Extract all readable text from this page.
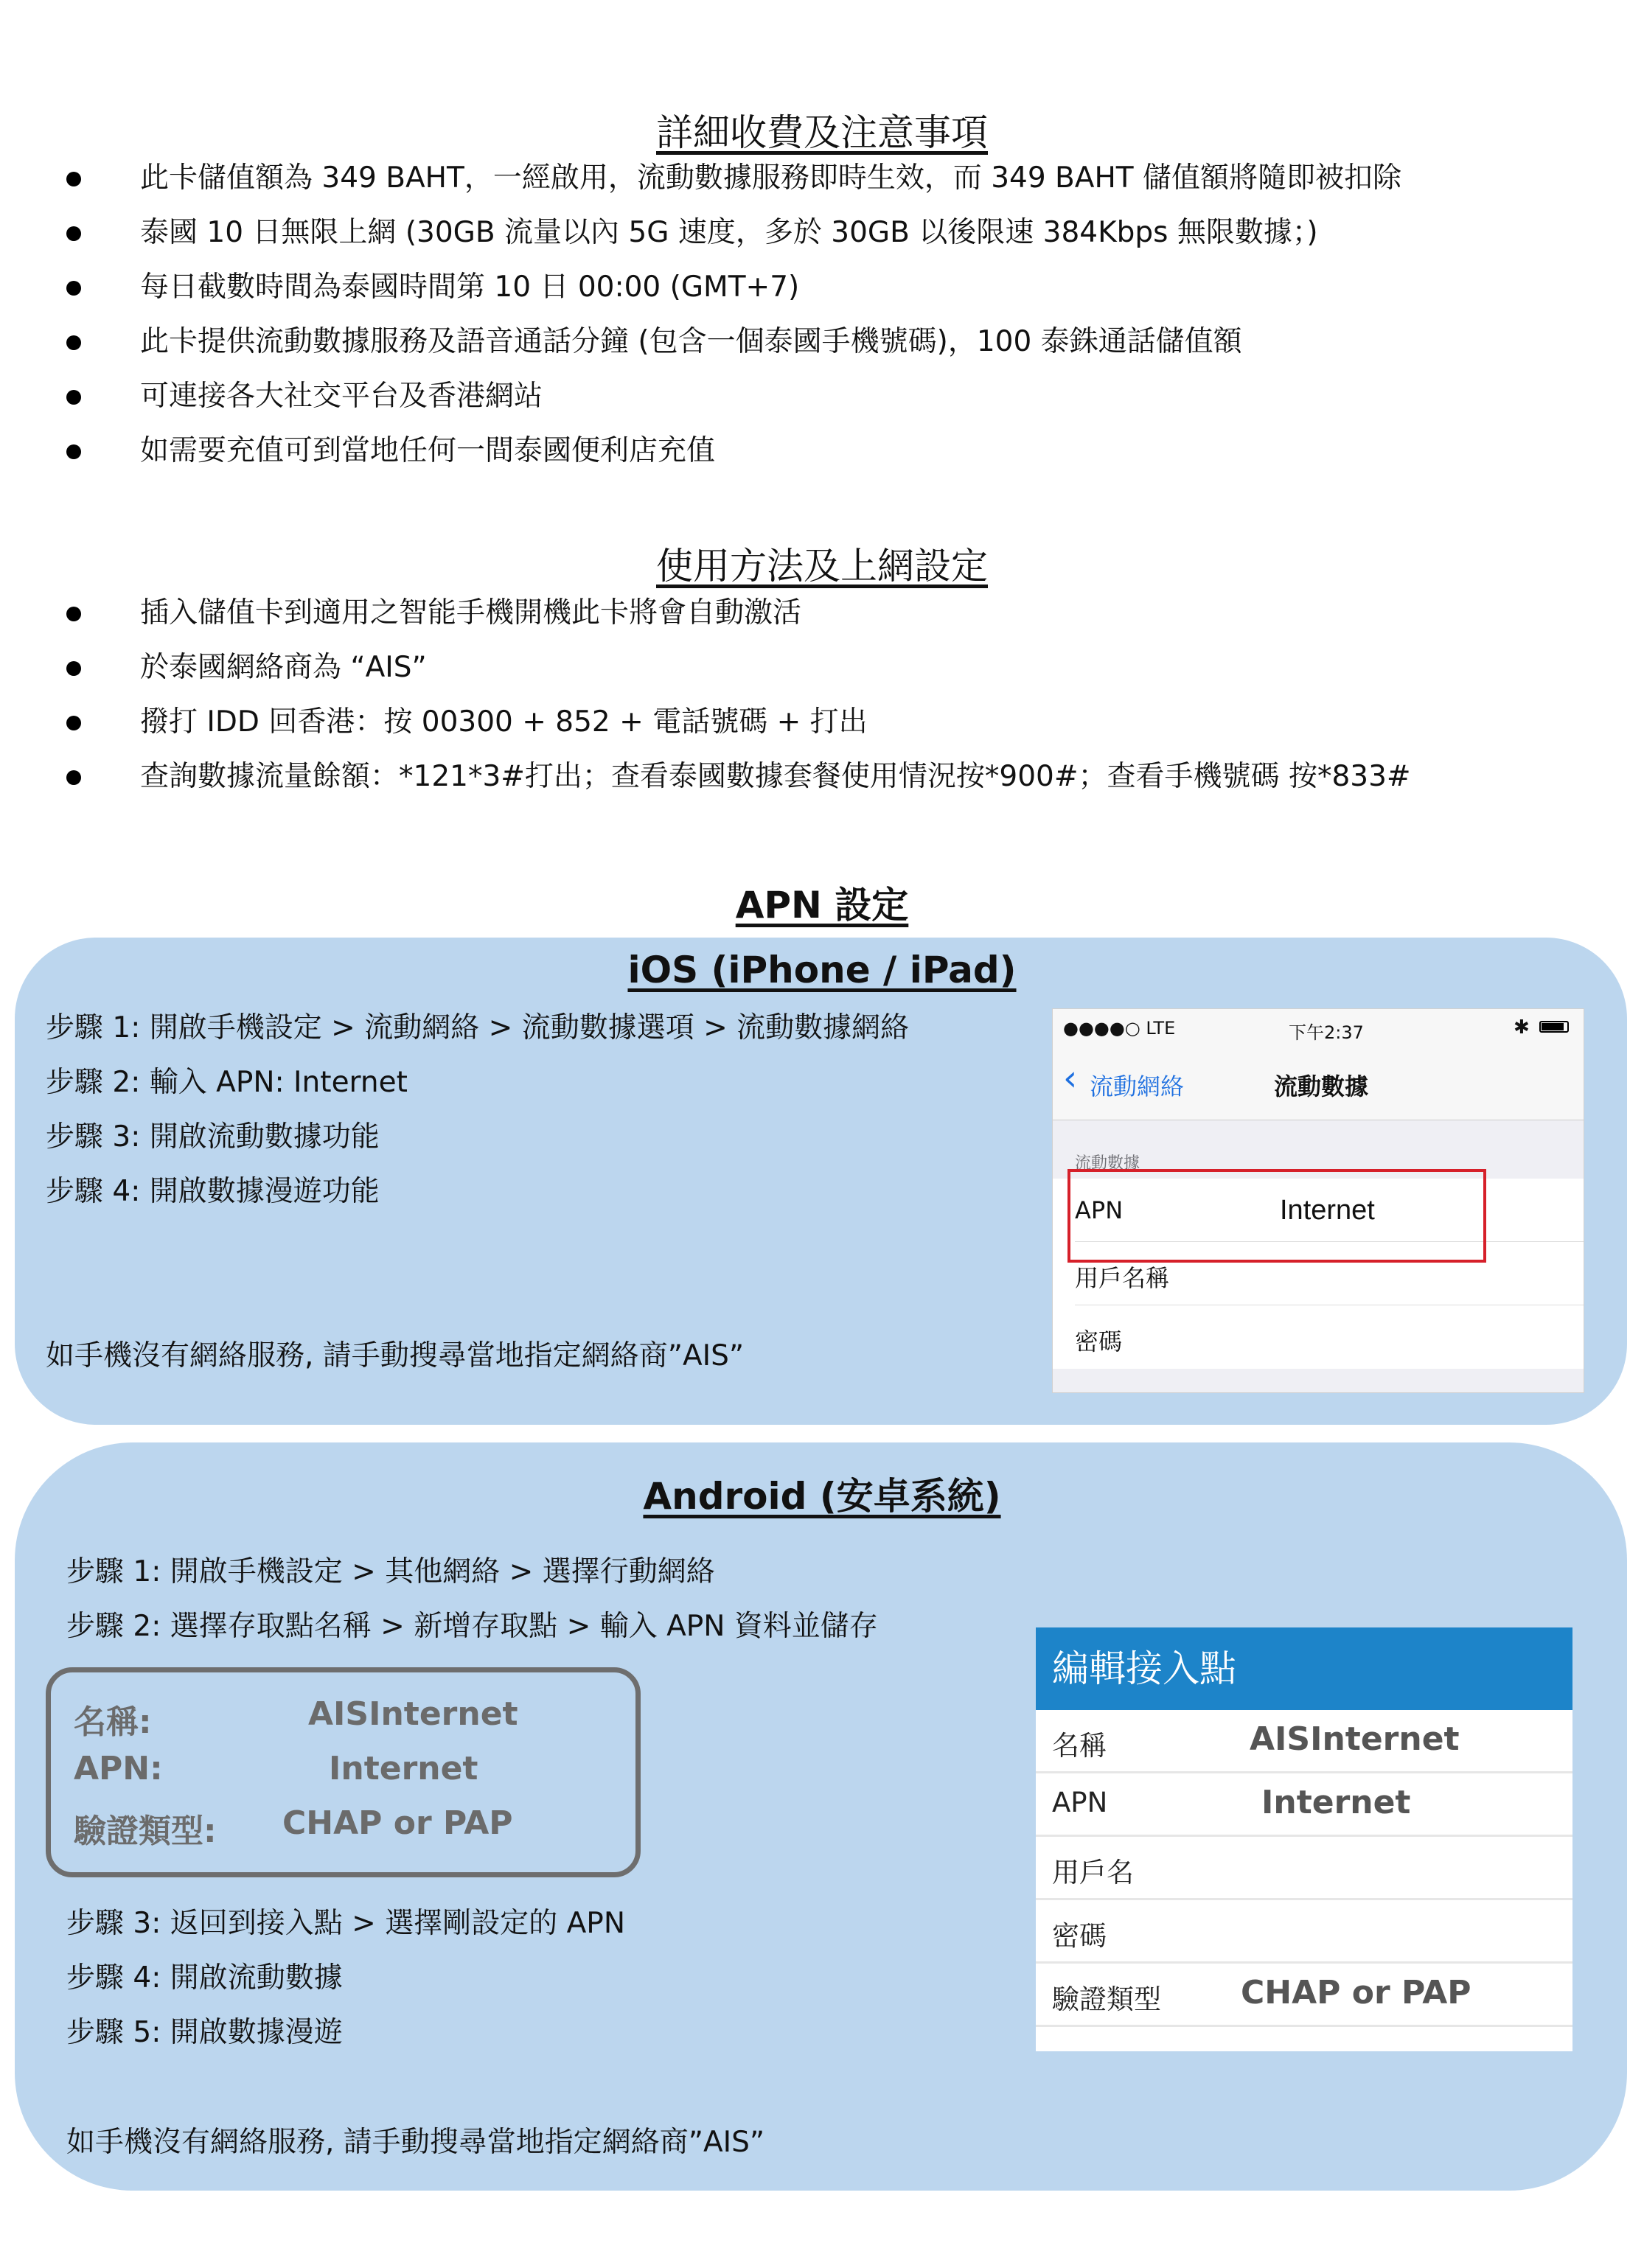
詳細收費及注意事項
此卡儲值額為 349 BAHT，一經啟用，流動數據服務即時生效，而 349 BAHT 儲值額將隨即被扣除
泰國 10 日無限上網 (30GB 流量以內 5G 速度，多於 30GB 以後限速 384Kbps 無限數據；)
每日截數時間為泰國時間第 10 日 00:00 (GMT+7)
此卡提供流動數據服務及語音通話分鐘 (包含一個泰國手機號碼)，100 泰銖通話儲值額
可連接各大社交平台及香港網站
如需要充值可到當地任何一間泰國便利店充值
使用方法及上網設定
插入儲值卡到適用之智能手機開機此卡將會自動激活
於泰國網絡商為 “AIS”
撥打 IDD 回香港：按 00300 + 852 + 電話號碼 + 打出
查詢數據流量餘額：*121*3#打出；查看泰國數據套餐使用情況按*900#；查看手機號碼 按*833#
APN 設定
iOS (iPhone / iPad)
步驟 1: 開啟手機設定 > 流動網絡 > 流動數據選項 > 流動數據網絡
步驟 2: 輸入 APN: Internet
步驟 3: 開啟流動數據功能
步驟 4: 開啟數據漫遊功能
如手機沒有網絡服務, 請手動搜尋當地指定網絡商”AIS”
●●●●○ LTE	下午2:37	✱
‹ 流動網絡	流動數據
流動數據
APN	Internet
用戶名稱
密碼
Android (安卓系統)
步驟 1: 開啟手機設定 > 其他網絡 > 選擇行動網絡
步驟 2: 選擇存取點名稱 > 新增存取點 > 輸入 APN 資料並儲存
名稱:	AISInternet
APN:	Internet
驗證類型: CHAP or PAP
步驟 3: 返回到接入點 > 選擇剛設定的 APN
步驟 4: 開啟流動數據
步驟 5: 開啟數據漫遊
如手機沒有網絡服務, 請手動搜尋當地指定網絡商”AIS”
編輯接入點
名稱	AISInternet
APN	Internet
用戶名
密碼
驗證類型 CHAP or PAP
